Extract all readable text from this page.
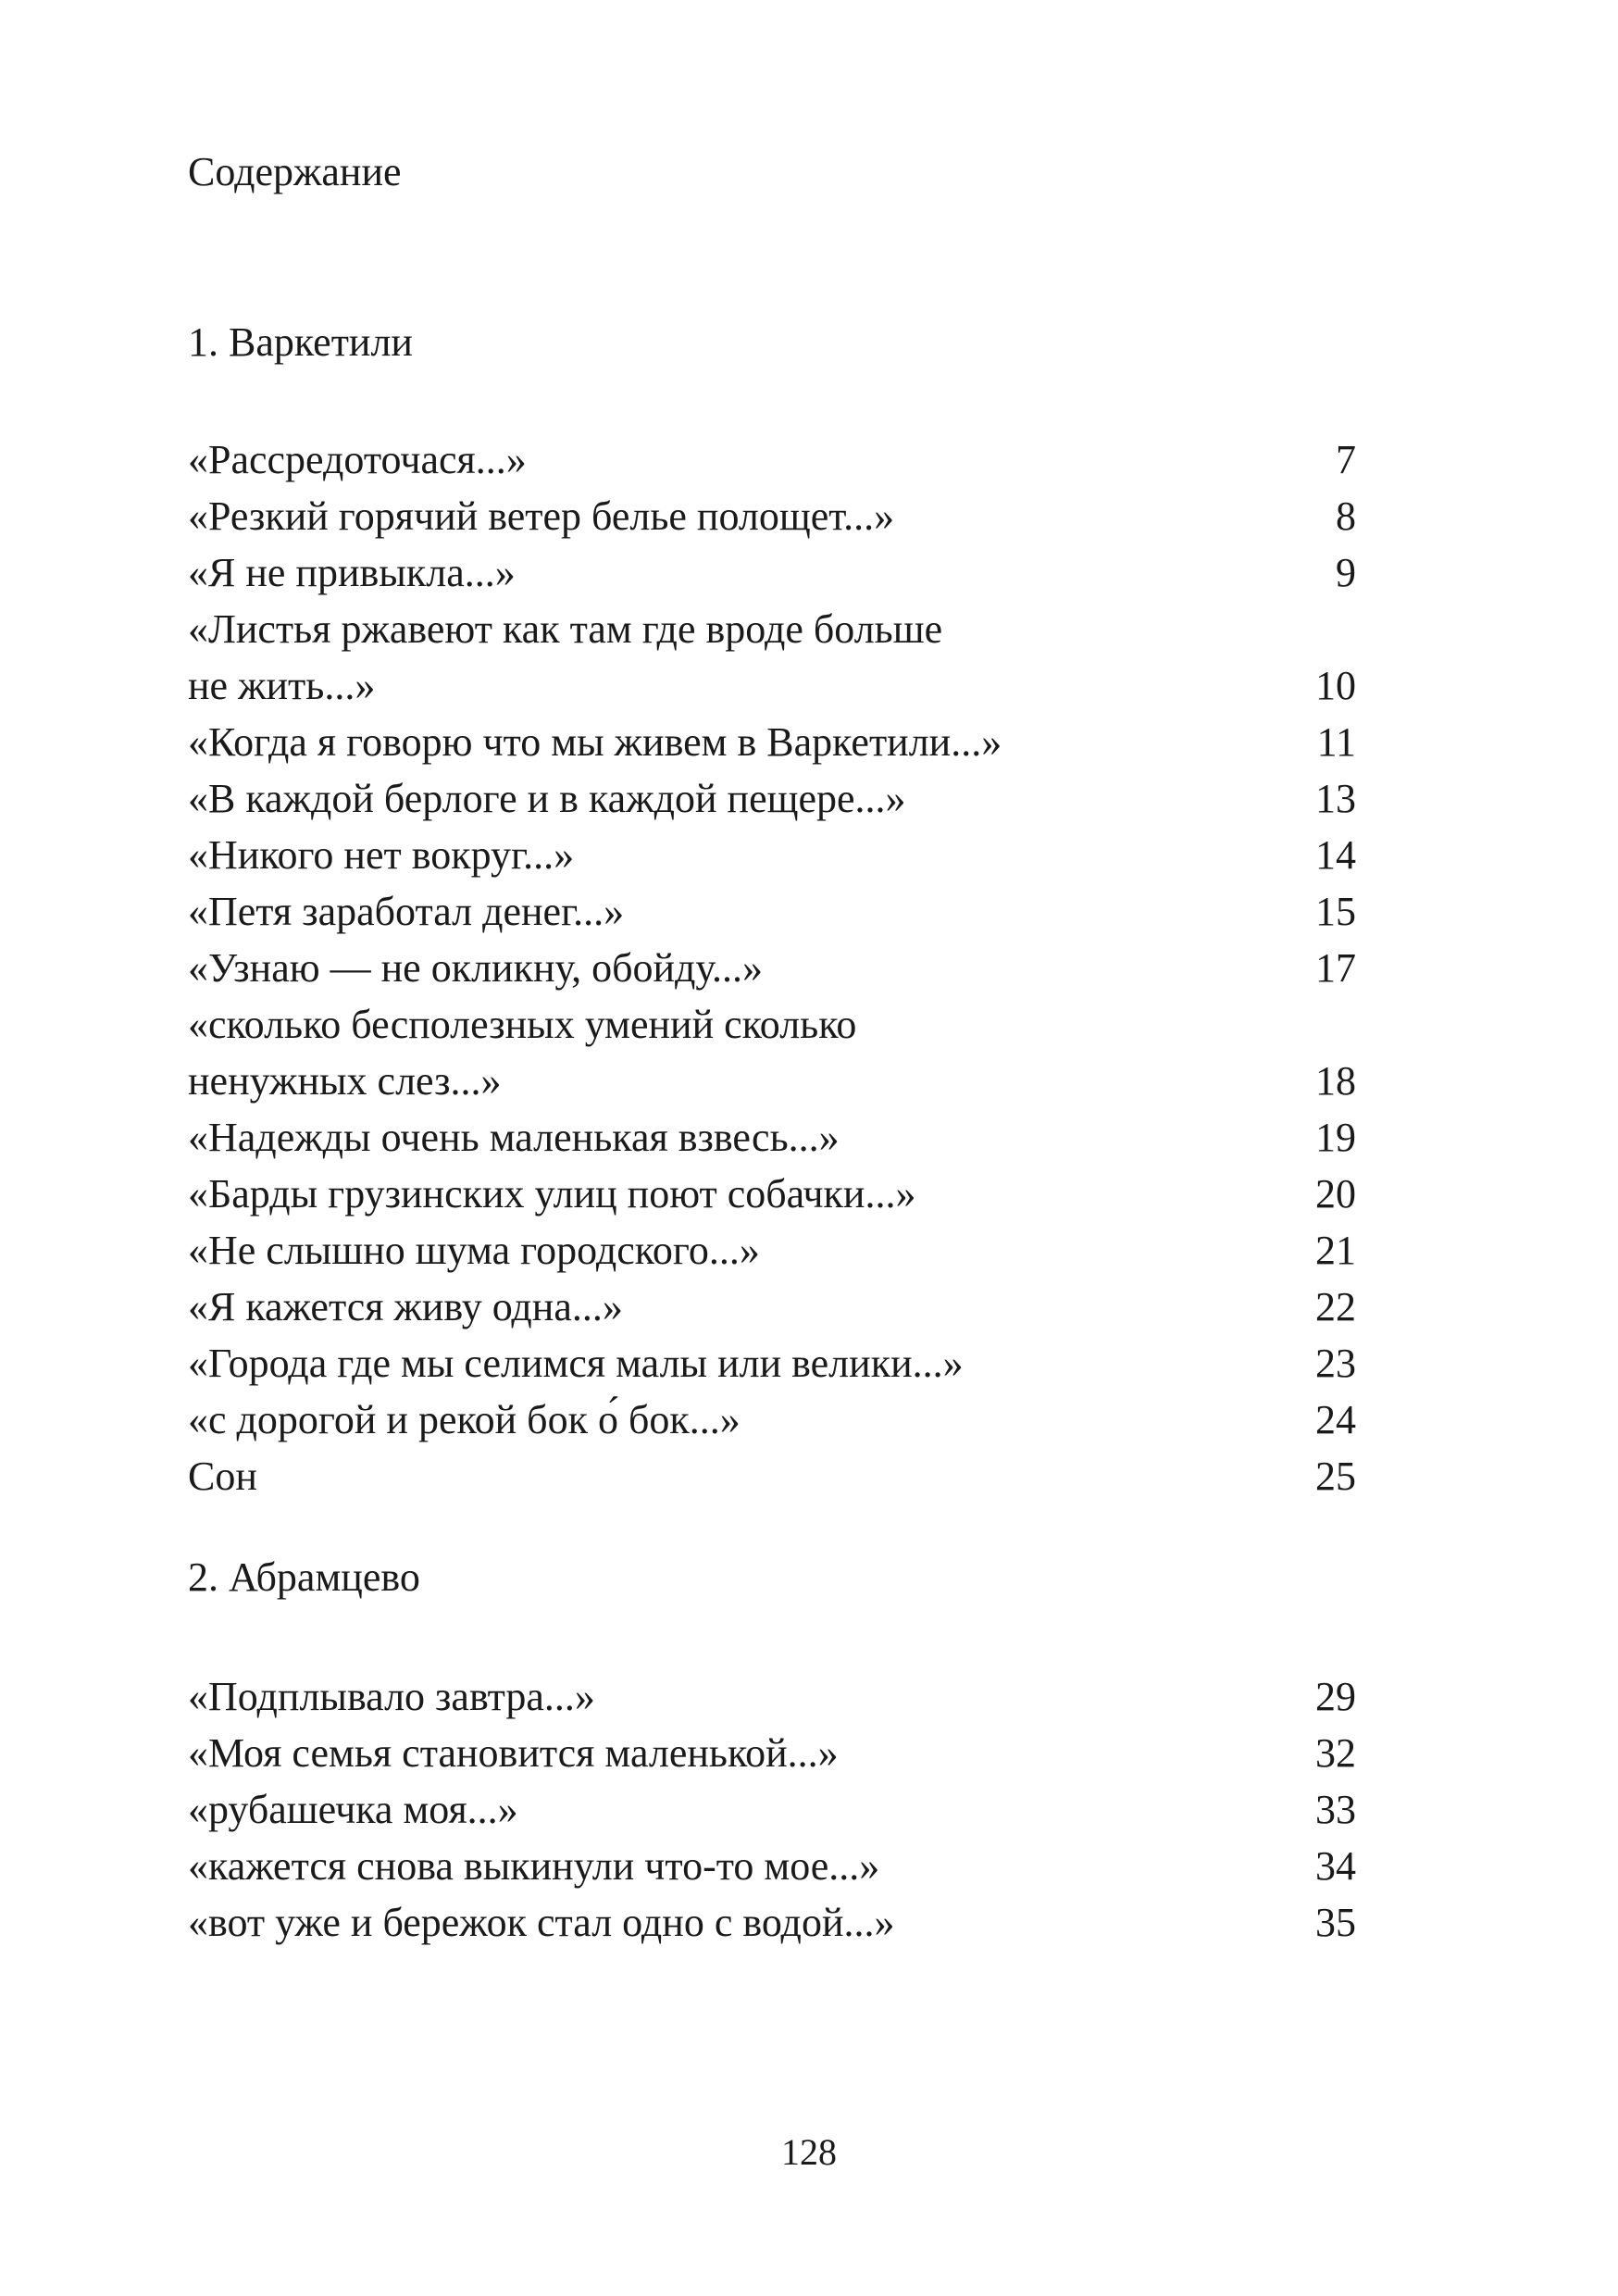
Содержание
1. Варкетили
«Рассредоточася...»	7
«Резкий горячий ветер белье полощет...»	8
«Я не привыкла...»	9
«Листья ржавеют как там где вроде больше
не жить...»	10
«Когда я говорю что мы живем в Варкетили...»	11
«В каждой берлоге и в каждой пещере...»	13
«Никого нет вокруг...»	14
«Петя заработал денег...»	15
«Узнаю — не окликну, обойду...»	17
«сколько бесполезных умений сколько
ненужных слез...»	18
«Надежды очень маленькая взвесь...»	19
«Барды грузинских улиц поют собачки...»	20
«Не слышно шума городского...»	21
«Я кажется живу одна...»	22
«Города где мы селимся малы или велики...»	23
«с дорогой и рекой бок о́ бок...»	24
Сон	25
2. Абрамцево
«Подплывало завтра...»	29
«Моя семья становится маленькой...»	32
«рубашечка моя...»	33
«кажется снова выкинули что-то мое...»	34
«вот уже и бережок стал одно с водой...»	35
128
